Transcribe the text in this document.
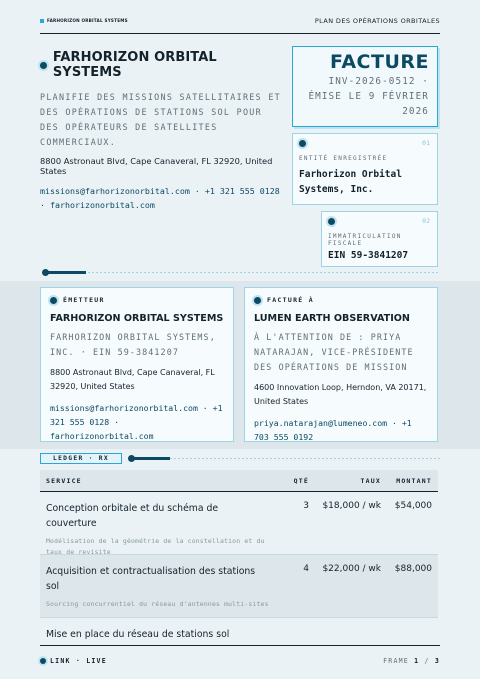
FARHORIZON ORBITAL SYSTEMS	PLAN DES OPÉRATIONS ORBITALES
FARHORIZON ORBITAL SYSTEMS
PLANIFIE DES MISSIONS SATELLITAIRES ET DES OPÉRATIONS DE STATIONS SOL POUR DES OPÉRATEURS DE SATELLITES COMMERCIAUX.
8800 Astronaut Blvd, Cape Canaveral, FL 32920, United States
missions@farhorizonorbital.com · +1 321 555 0128 · farhorizonorbital.com
FACTURE
INV-2026-0512 · ÉMISE LE 9 FÉVRIER 2026
01
ENTITÉ ENREGISTRÉE
Farhorizon Orbital Systems, Inc.
02
IMMATRICULATION FISCALE
EIN 59-3841207
ÉMETTEUR
FARHORIZON ORBITAL SYSTEMS
FARHORIZON ORBITAL SYSTEMS, INC. · EIN 59-3841207
8800 Astronaut Blvd, Cape Canaveral, FL 32920, United States
missions@farhorizonorbital.com · +1 321 555 0128 · farhorizonorbital.com
FACTURÉ À
LUMEN EARTH OBSERVATION
À L'ATTENTION DE : PRIYA NATARAJAN, VICE-PRÉSIDENTE DES OPÉRATIONS DE MISSION
4600 Innovation Loop, Herndon, VA 20171, United States
priya.natarajan@lumeneo.com · +1 703 555 0192
LEDGER · RX
SERVICE	QTÉ	TAUX	MONTANT
Conception orbitale et du schéma de couverture
Modélisation de la géométrie de la constellation et du taux de revisite
3	$18,000 / wk	$54,000
Acquisition et contractualisation des stations sol
Sourcing concurrentiel du réseau d'antennes multi-sites
4	$22,000 / wk	$88,000
Mise en place du réseau de stations sol
LINK · LIVE	FRAME 1 / 3
